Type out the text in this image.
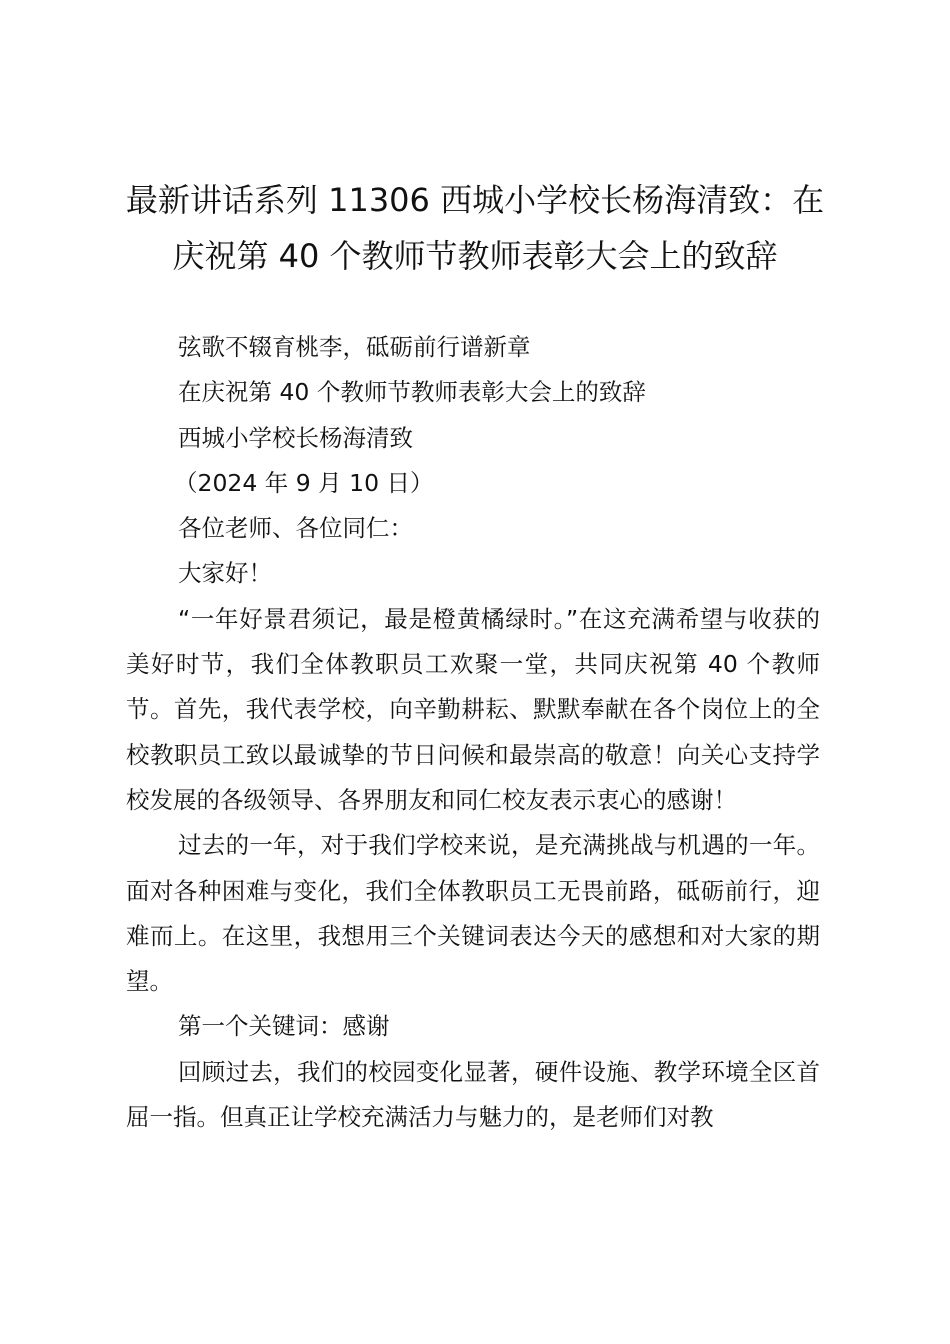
最新讲话系列 11306 西城小学校长杨海清致：在庆祝第 40 个教师节教师表彰大会上的致辞

弦歌不辍育桃李，砥砺前行谱新章

在庆祝第 40 个教师节教师表彰大会上的致辞

西城小学校长杨海清致

（2024 年 9 月 10 日）

各位老师、各位同仁：

大家好！

“一年好景君须记，最是橙黄橘绿时。”在这充满希望与收获的美好时节，我们全体教职员工欢聚一堂，共同庆祝第 40 个教师节。首先，我代表学校，向辛勤耕耘、默默奉献在各个岗位上的全校教职员工致以最诚挚的节日问候和最崇高的敬意！向关心支持学校发展的各级领导、各界朋友和同仁校友表示衷心的感谢！

过去的一年，对于我们学校来说，是充满挑战与机遇的一年。面对各种困难与变化，我们全体教职员工无畏前路，砥砺前行，迎难而上。在这里，我想用三个关键词表达今天的感想和对大家的期望。

第一个关键词：感谢

回顾过去，我们的校园变化显著，硬件设施、教学环境全区首屈一指。但真正让学校充满活力与魅力的，是老师们对教
